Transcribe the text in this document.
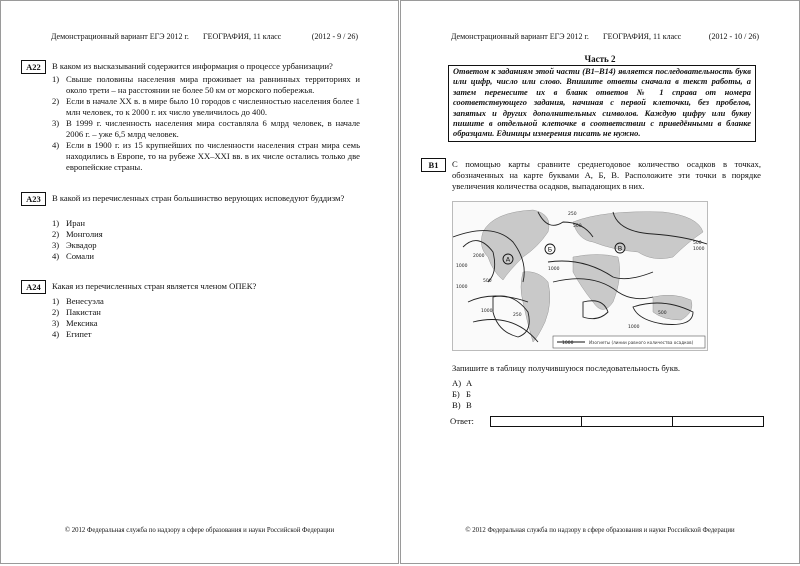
Демонстрационный вариант ЕГЭ 2012 г. ГЕОГРАФИЯ, 11 класс	(2012 - 9 / 26)
A22	В каком из высказываний содержится информация о процессе урбанизации?
1) Свыше половины населения мира проживает на равнинных территориях и около трети – на расстоянии не более 50 км от морского побережья.
2) Если в начале XX в. в мире было 10 городов с численностью населения более 1 млн человек, то к 2000 г. их число увеличилось до 400.
3) В 1999 г. численность населения мира составляла 6 млрд человек, в начале 2006 г. – уже 6,5 млрд человек.
4) Если в 1900 г. из 15 крупнейших по численности населения стран мира семь находились в Европе, то на рубеже XX–XXI вв. в их числе остались только две европейские страны.
A23	В какой из перечисленных стран большинство верующих исповедуют буддизм?
1) Иран
2) Монголия
3) Эквадор
4) Сомали
A24	Какая из перечисленных стран является членом ОПЕК?
1) Венесуэла
2) Пакистан
3) Мексика
4) Египет
© 2012 Федеральная служба по надзору в сфере образования и науки Российской Федерации
Демонстрационный вариант ЕГЭ 2012 г. ГЕОГРАФИЯ, 11 класс	(2012 - 10 / 26)
Часть 2
Ответом к заданиям этой части (B1–B14) является последовательность букв или цифр, число или слово. Впишите ответы сначала в текст работы, а затем перенесите их в бланк ответов № 1 справа от номера соответствующего задания, начиная с первой клеточки, без пробелов, запятых и других дополнительных символов. Каждую цифру или букву пишите в отдельной клеточке в соответствии с приведёнными в бланке образцами. Единицы измерения писать не нужно.
B1	С помощью карты сравните среднегодовое количество осадков в точках, обозначенных на карте буквами А, Б, В. Расположите эти точки в порядке увеличения количества осадков, выпадающих в них.
Запишите в таблицу получившуюся последовательность букв.
А) А
Б) Б
В) В
© 2012 Федеральная служба по надзору в сфере образования и науки Российской Федерации
А
Б	В
250
500
500
1000
2000
1000
1000
500
1000
500
1000
1000
250
1000	Изогиеты (линии равного количества осадков)
Ответ:
